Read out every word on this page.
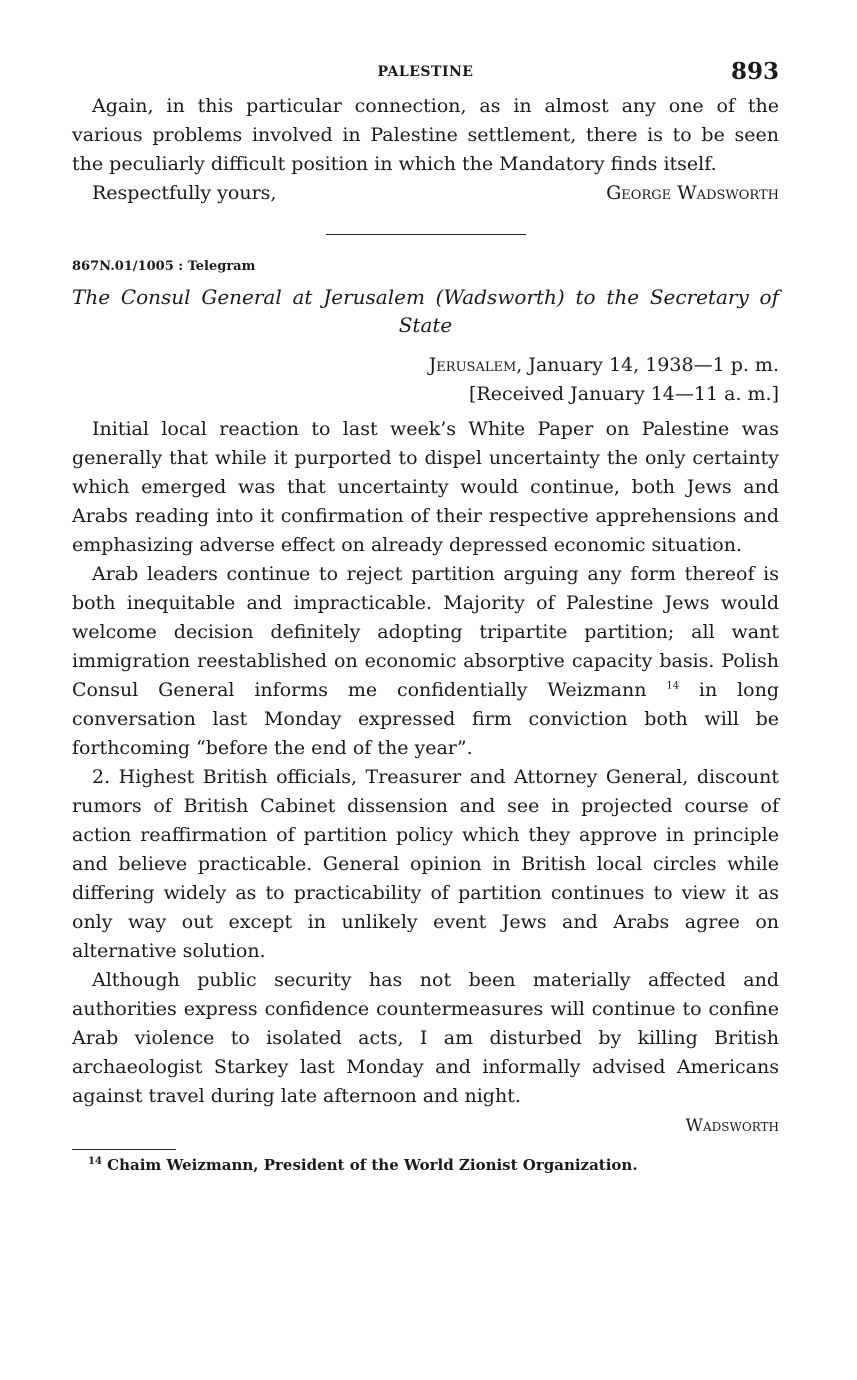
PALESTINE	893

Again, in this particular connection, as in almost any one of the various problems involved in Palestine settlement, there is to be seen the peculiarly difficult position in which the Mandatory finds itself.

Respectfully yours,	George Wadsworth
867N.01/1005 : Telegram
The Consul General at Jerusalem (Wadsworth) to the Secretary of State
Jerusalem, January 14, 1938—1 p. m.
[Received January 14—11 a. m.]

Initial local reaction to last week’s White Paper on Palestine was generally that while it purported to dispel uncertainty the only certainty which emerged was that uncertainty would continue, both Jews and Arabs reading into it confirmation of their respective apprehensions and emphasizing adverse effect on already depressed economic situation.

Arab leaders continue to reject partition arguing any form thereof is both inequitable and impracticable. Majority of Palestine Jews would welcome decision definitely adopting tripartite partition; all want immigration reestablished on economic absorptive capacity basis. Polish Consul General informs me confidentially Weizmann $^{14}$ in long conversation last Monday expressed firm conviction both will be forthcoming “before the end of the year”.

2. Highest British officials, Treasurer and Attorney General, discount rumors of British Cabinet dissension and see in projected course of action reaffirmation of partition policy which they approve in principle and believe practicable. General opinion in British local circles while differing widely as to practicability of partition continues to view it as only way out except in unlikely event Jews and Arabs agree on alternative solution.

Although public security has not been materially affected and authorities express confidence countermeasures will continue to confine Arab violence to isolated acts, I am disturbed by killing British archaeologist Starkey last Monday and informally advised Americans against travel during late afternoon and night.

Wadsworth
$^{14}$ Chaim Weizmann, President of the World Zionist Organization.
